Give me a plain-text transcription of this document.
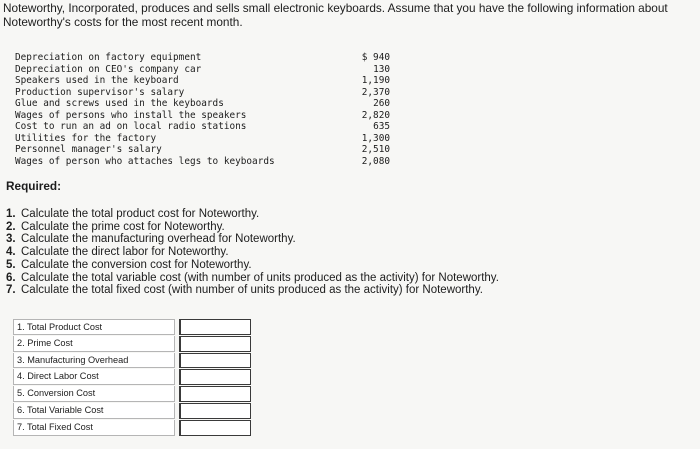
Noteworthy, Incorporated, produces and sells small electronic keyboards. Assume that you have the following information about
Noteworthy's costs for the most recent month.
Depreciation on factory equipment	$ 940
Depreciation on CEO's company car	130
Speakers used in the keyboard	1,190
Production supervisor's salary	2,370
Glue and screws used in the keyboards	260
Wages of persons who install the speakers	2,820
Cost to run an ad on local radio stations	635
Utilities for the factory	1,300
Personnel manager's salary	2,510
Wages of person who attaches legs to keyboards	2,080
Required:
1. Calculate the total product cost for Noteworthy.
2. Calculate the prime cost for Noteworthy.
3. Calculate the manufacturing overhead for Noteworthy.
4. Calculate the direct labor for Noteworthy.
5. Calculate the conversion cost for Noteworthy.
6. Calculate the total variable cost (with number of units produced as the activity) for Noteworthy.
7. Calculate the total fixed cost (with number of units produced as the activity) for Noteworthy.
1. Total Product Cost
2. Prime Cost
3. Manufacturing Overhead
4. Direct Labor Cost
5. Conversion Cost
6. Total Variable Cost
7. Total Fixed Cost
